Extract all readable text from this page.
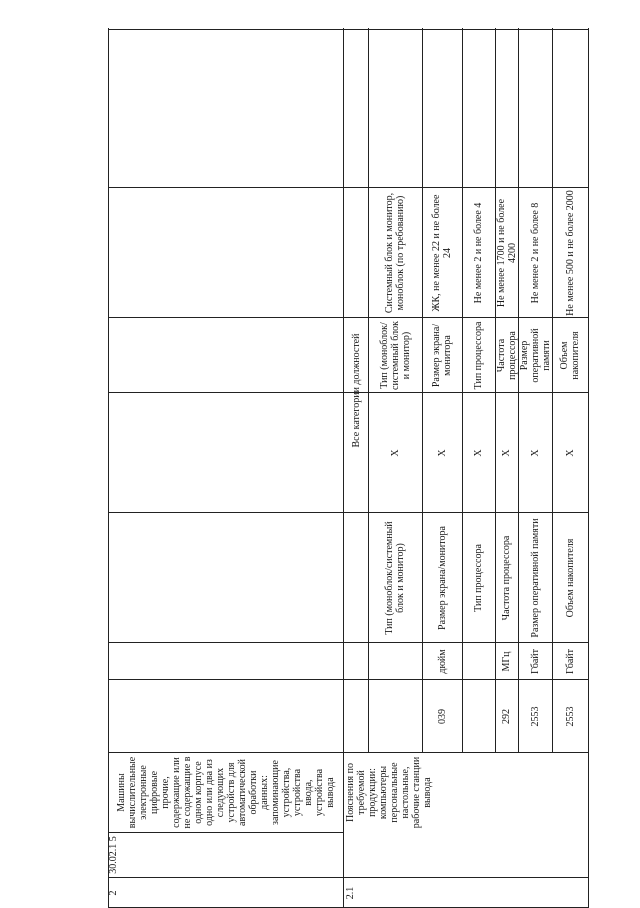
2
30.02.1 5
Машины вычислительные электронные цифровые прочие, содержащие или не содержащие в одном корпусе одно или два из следующих устройств для автоматической обработки данных: запоминающие устройства, устройства ввода, устройства вывода
2.1
Пояснения по требуемой продукции: компьютеры персональные настольные, рабочие станции вывода
Все категории должностей
Тип (моноблок/системный блок и монитор)
X
Тип (моноблок/системный блок и монитор)
Системный блок и монитор, моноблок (по требованию)
039
дюйм
Размер экрана/монитора
X
Размер экрана/монитора
ЖК, не менее 22 и не более 24
Тип процессора
X
Тип процессора
Не менее 2 и не более 4
292
МГц
Частота процессора
X
Частота процессора
Не менее 1700 и не более 4200
2553
Гбайт
Размер оперативной памяти
X
Размер оперативной памяти
Не менее 2 и не более 8
2553
Гбайт
Объем накопителя
X
Объем накопителя
Не менее 500 и не более 2000
